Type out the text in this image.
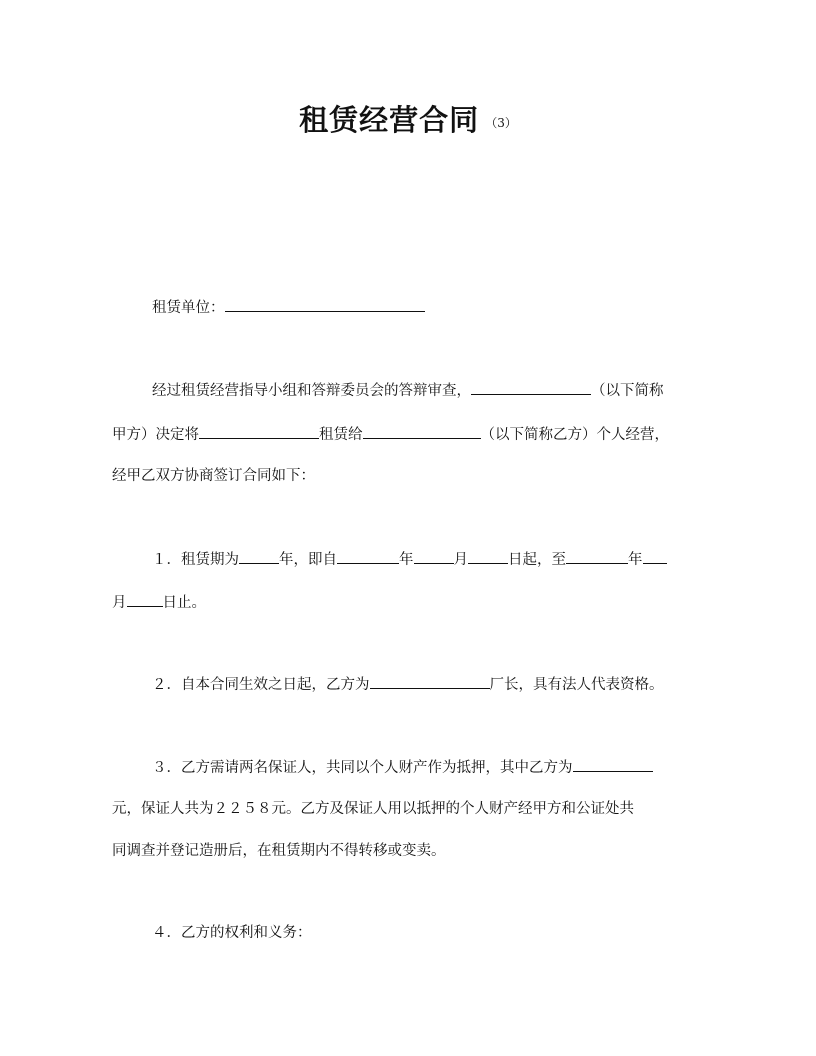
租赁经营合同 （3）
租赁单位：
经过租赁经营指导小组和答辩委员会的答辩审查，	（以下简称
甲方）决定将	租赁给	（以下简称乙方）个人经营，
经甲乙双方协商签订合同如下：
１．租赁期为	年，即自	年	月	日起，至	年
月 日止。
２．自本合同生效之日起，乙方为	厂长，具有法人代表资格。
３．乙方需请两名保证人，共同以个人财产作为抵押，其中乙方为
元，保证人共为２２５８元。乙方及保证人用以抵押的个人财产经甲方和公证处共
同调查并登记造册后，在租赁期内不得转移或变卖。
４．乙方的权利和义务：
